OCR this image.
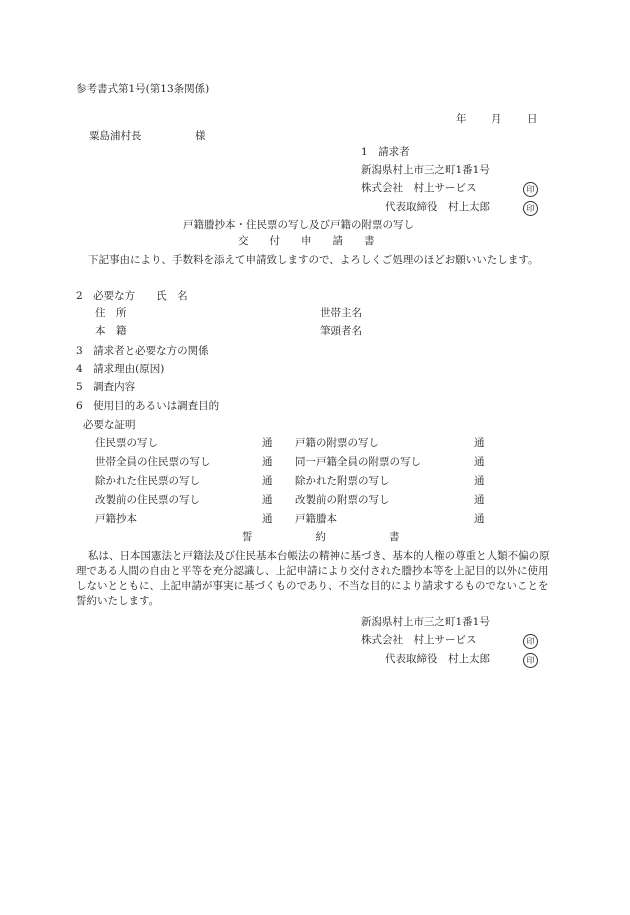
参考書式第1号(第13条関係)
年 月 日
粟島浦村長	様
1　請求者
新潟県村上市三之町1番1号
株式会社　村上サービス	印
代表取締役　村上太郎	印
戸籍謄抄本・住民票の写し及び戸籍の附票の写し
交　　付　　申　　請　　書
下記事由により、手数料を添えて申請致しますので、よろしくご処理のほどお願いいたします。
2　必要な方　　氏　名
住　所	世帯主名
本　籍	筆頭者名
3　請求者と必要な方の関係
4　請求理由(原因)
5　調査内容
6　使用目的あるいは調査目的
必要な証明
住民票の写し	通 戸籍の附票の写し	通
世帯全員の住民票の写し	通 同一戸籍全員の附票の写し	通
除かれた住民票の写し	通 除かれた附票の写し	通
改製前の住民票の写し	通 改製前の附票の写し	通
戸籍抄本	通 戸籍謄本	通
誓　　　　　　約　　　　　　書
私は、日本国憲法と戸籍法及び住民基本台帳法の精神に基づき、基本的人権の尊重と人類不偏の原理である人間の自由と平等を充分認識し、上記申請により交付された謄抄本等を上記目的以外に使用しないとともに、上記申請が事実に基づくものであり、不当な目的により請求するものでないことを誓約いたします。
新潟県村上市三之町1番1号
株式会社　村上サービス	印
代表取締役　村上太郎	印
